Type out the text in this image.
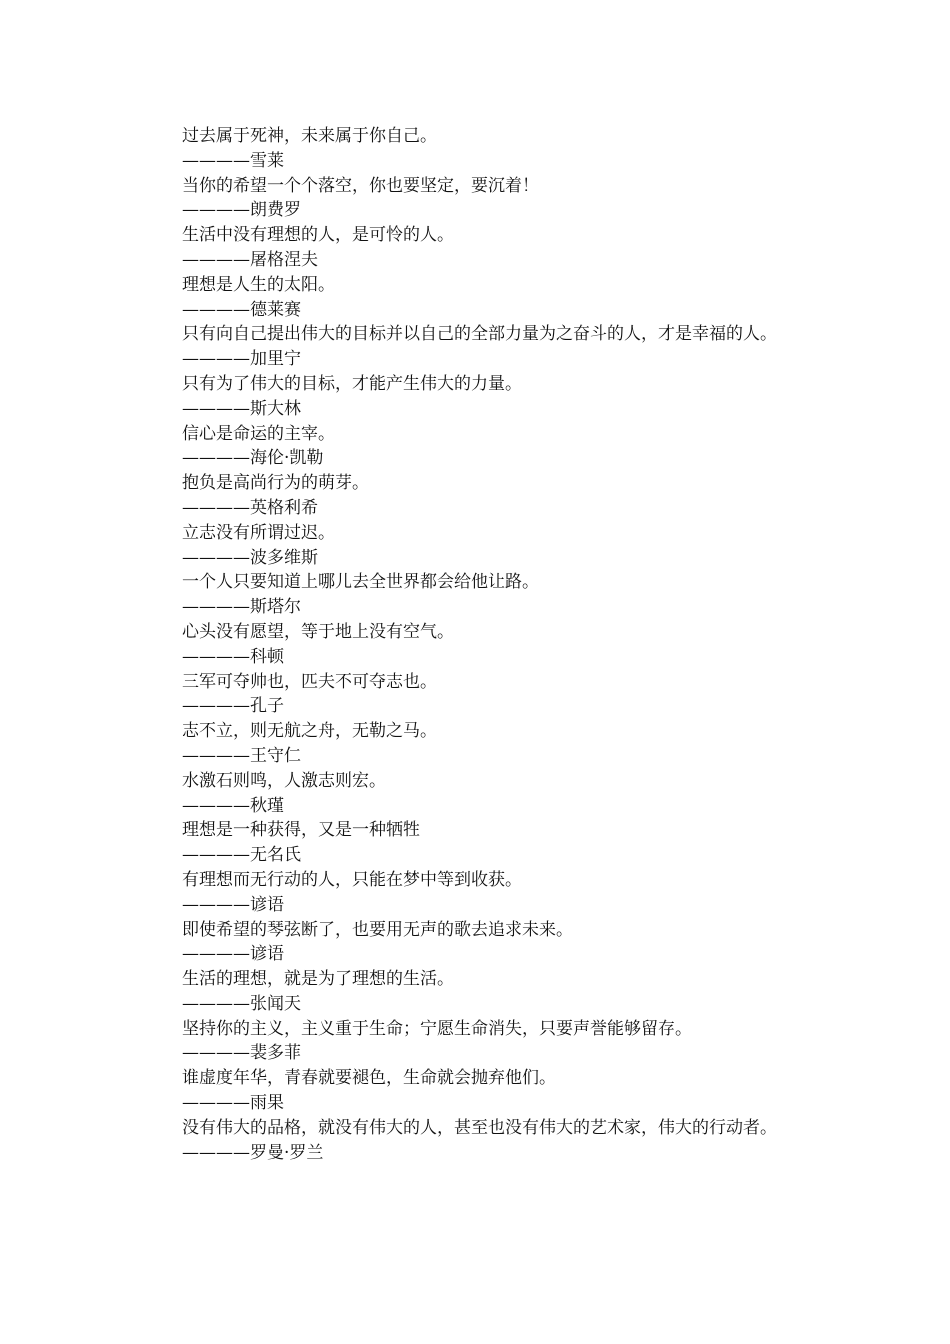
过去属于死神，未来属于你自己。
————雪莱
当你的希望一个个落空，你也要坚定，要沉着！
————朗费罗
生活中没有理想的人，是可怜的人。
————屠格涅夫
理想是人生的太阳。
————德莱赛
只有向自己提出伟大的目标并以自己的全部力量为之奋斗的人，才是幸福的人。
————加里宁
只有为了伟大的目标，才能产生伟大的力量。
————斯大林
信心是命运的主宰。
————海伦·凯勒
抱负是高尚行为的萌芽。
————英格利希
立志没有所谓过迟。
————波多维斯
一个人只要知道上哪儿去全世界都会给他让路。
————斯塔尔
心头没有愿望，等于地上没有空气。
————科顿
三军可夺帅也，匹夫不可夺志也。
————孔子
志不立，则无航之舟，无勒之马。
————王守仁
水激石则鸣，人激志则宏。
————秋瑾
理想是一种获得，又是一种牺牲
————无名氏
有理想而无行动的人，只能在梦中等到收获。
————谚语
即使希望的琴弦断了，也要用无声的歌去追求未来。
————谚语
生活的理想，就是为了理想的生活。
————张闻天
坚持你的主义，主义重于生命；宁愿生命消失，只要声誉能够留存。
————裴多菲
谁虚度年华，青春就要褪色，生命就会抛弃他们。
————雨果
没有伟大的品格，就没有伟大的人，甚至也没有伟大的艺术家，伟大的行动者。
————罗曼·罗兰
